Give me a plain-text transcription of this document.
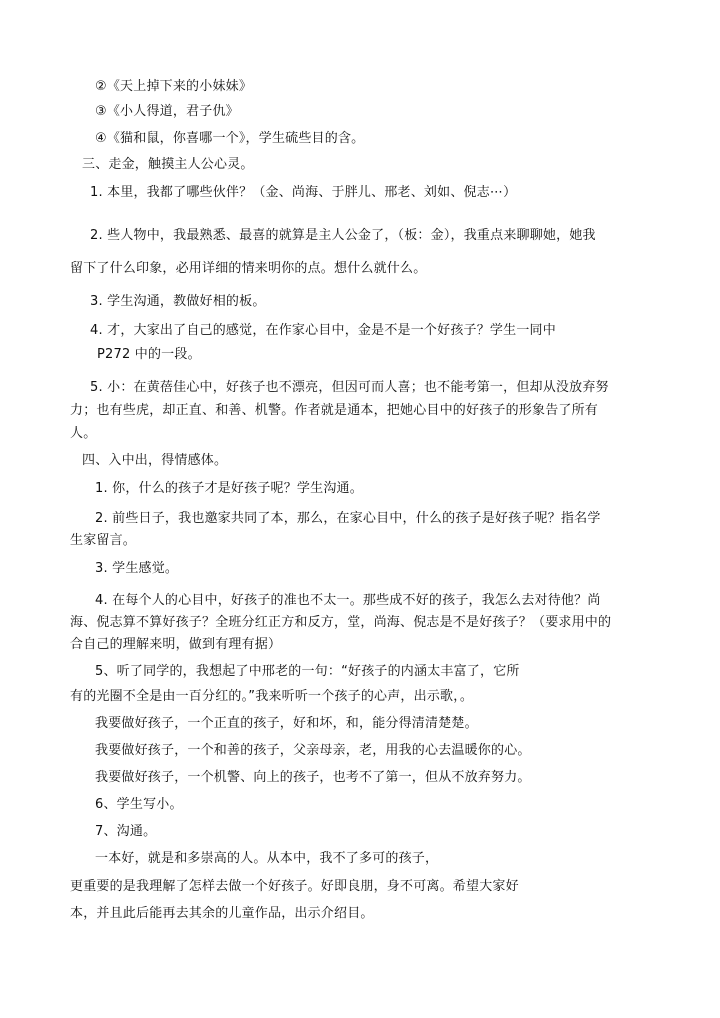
②《天上掉下来的小妹妹》
③《小人得道，君子仇》
④《猫和鼠，你喜哪一个》，学生硫些目的含。
三、走金，触摸主人公心灵。
1. 本里，我都了哪些伙伴？（金、尚海、于胖儿、邢老、刘如、倪志⋯）
2. 些人物中，我最熟悉、最喜的就算是主人公金了，（板：金），我重点来聊聊她，她我
留下了什么印象，必用详细的情来明你的点。想什么就什么。
3. 学生沟通，教做好相的板。
4. 才，大家出了自己的感觉，在作家心目中，金是不是一个好孩子？学生一同中
P272 中的一段。
5. 小：在黄蓓佳心中，好孩子也不漂亮，但因可而人喜；也不能考第一，但却从没放弃努
力；也有些虎，却正直、和善、机警。作者就是通本，把她心目中的好孩子的形象告了所有
人。
四、入中出，得情感体。
1. 你，什么的孩子才是好孩子呢？学生沟通。
2. 前些日子，我也邀家共同了本，那么，在家心目中，什么的孩子是好孩子呢？指名学
生家留言。
3. 学生感觉。
4. 在每个人的心目中，好孩子的准也不太一。那些成不好的孩子，我怎么去对待他？尚
海、倪志算不算好孩子？全班分红正方和反方，堂，尚海、倪志是不是好孩子？（要求用中的
合自己的理解来明，做到有理有据）
5、听了同学的，我想起了中邢老的一句：“好孩子的内涵太丰富了，它所
有的光圈不全是由一百分红的。”我来听听一个孩子的心声，出示歌，。
我要做好孩子，一个正直的孩子，好和坏，和，能分得清清楚楚。
我要做好孩子，一个和善的孩子，父亲母亲，老，用我的心去温暖你的心。
我要做好孩子，一个机警、向上的孩子，也考不了第一，但从不放弃努力。
6、学生写小。
7、沟通。
一本好，就是和多崇高的人。从本中，我不了多可的孩子，
更重要的是我理解了怎样去做一个好孩子。好即良朋，身不可离。希望大家好
本，并且此后能再去其余的儿童作品，出示介绍目。
